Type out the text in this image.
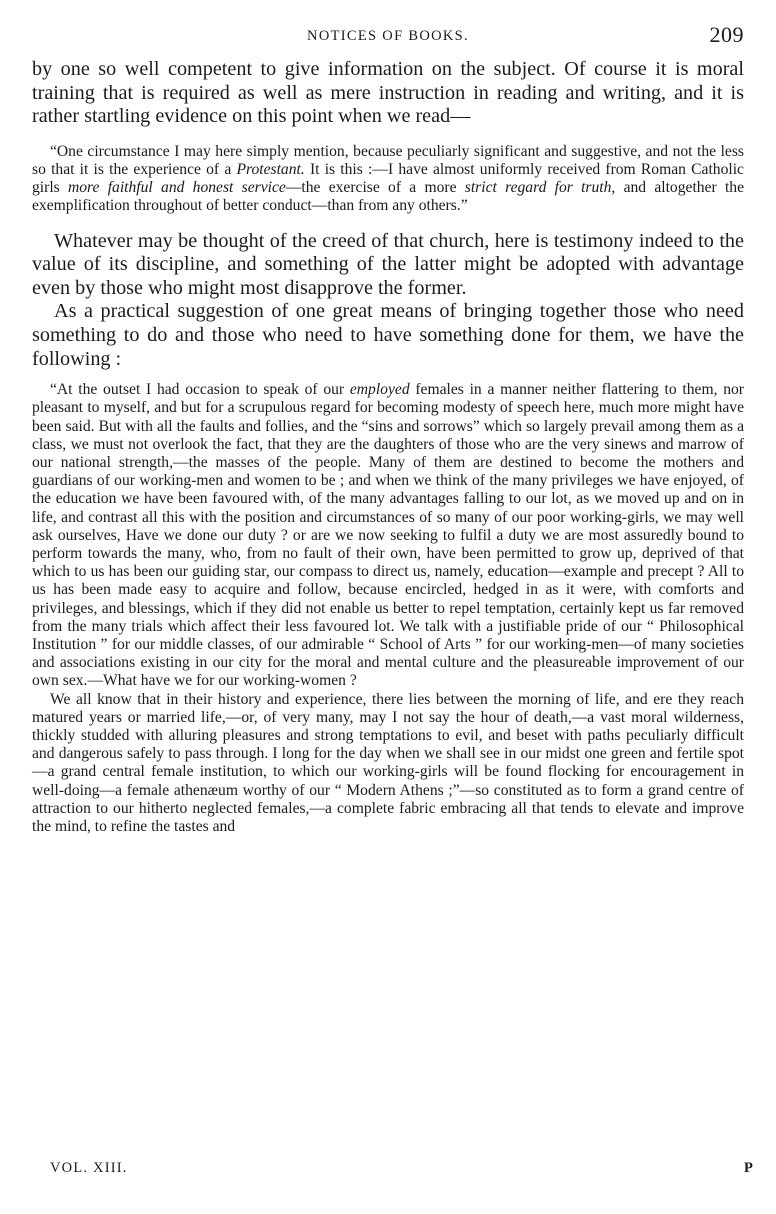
NOTICES OF BOOKS.	209

by one so well competent to give information on the subject. Of course it is moral training that is required as well as mere instruction in reading and writing, and it is rather startling evidence on this point when we read—

“One circumstance I may here simply mention, because peculiarly significant and suggestive, and not the less so that it is the experience of a Protestant. It is this :—I have almost uniformly received from Roman Catholic girls more faithful and honest service—the exercise of a more strict regard for truth, and altogether the exemplification throughout of better conduct—than from any others.”

Whatever may be thought of the creed of that church, here is testimony indeed to the value of its discipline, and something of the latter might be adopted with advantage even by those who might most disapprove the former.

As a practical suggestion of one great means of bringing together those who need something to do and those who need to have something done for them, we have the following :

“At the outset I had occasion to speak of our employed females in a manner neither flattering to them, nor pleasant to myself, and but for a scrupulous regard for becoming modesty of speech here, much more might have been said. But with all the faults and follies, and the “sins and sorrows” which so largely prevail among them as a class, we must not overlook the fact, that they are the daughters of those who are the very sinews and marrow of our national strength,—the masses of the people. Many of them are destined to become the mothers and guardians of our working-men and women to be ; and when we think of the many privileges we have enjoyed, of the education we have been favoured with, of the many advantages falling to our lot, as we moved up and on in life, and contrast all this with the position and circumstances of so many of our poor working-girls, we may well ask ourselves, Have we done our duty ? or are we now seeking to fulfil a duty we are most assuredly bound to perform towards the many, who, from no fault of their own, have been permitted to grow up, deprived of that which to us has been our guiding star, our compass to direct us, namely, education—example and precept ? All to us has been made easy to acquire and follow, because encircled, hedged in as it were, with comforts and privileges, and blessings, which if they did not enable us better to repel temptation, certainly kept us far removed from the many trials which affect their less favoured lot. We talk with a justifiable pride of our “ Philosophical Institution ” for our middle classes, of our admirable “ School of Arts ” for our working-men—of many societies and associations existing in our city for the moral and mental culture and the pleasureable improvement of our own sex.—What have we for our working-women ?

We all know that in their history and experience, there lies between the morning of life, and ere they reach matured years or married life,—or, of very many, may I not say the hour of death,—a vast moral wilderness, thickly studded with alluring pleasures and strong temptations to evil, and beset with paths peculiarly difficult and dangerous safely to pass through. I long for the day when we shall see in our midst one green and fertile spot —a grand central female institution, to which our working-girls will be found flocking for encouragement in well-doing—a female athenæum worthy of our “ Modern Athens ;”—so constituted as to form a grand centre of attraction to our hitherto neglected females,—a complete fabric embracing all that tends to elevate and improve the mind, to refine the tastes and

VOL. XIII.	P
